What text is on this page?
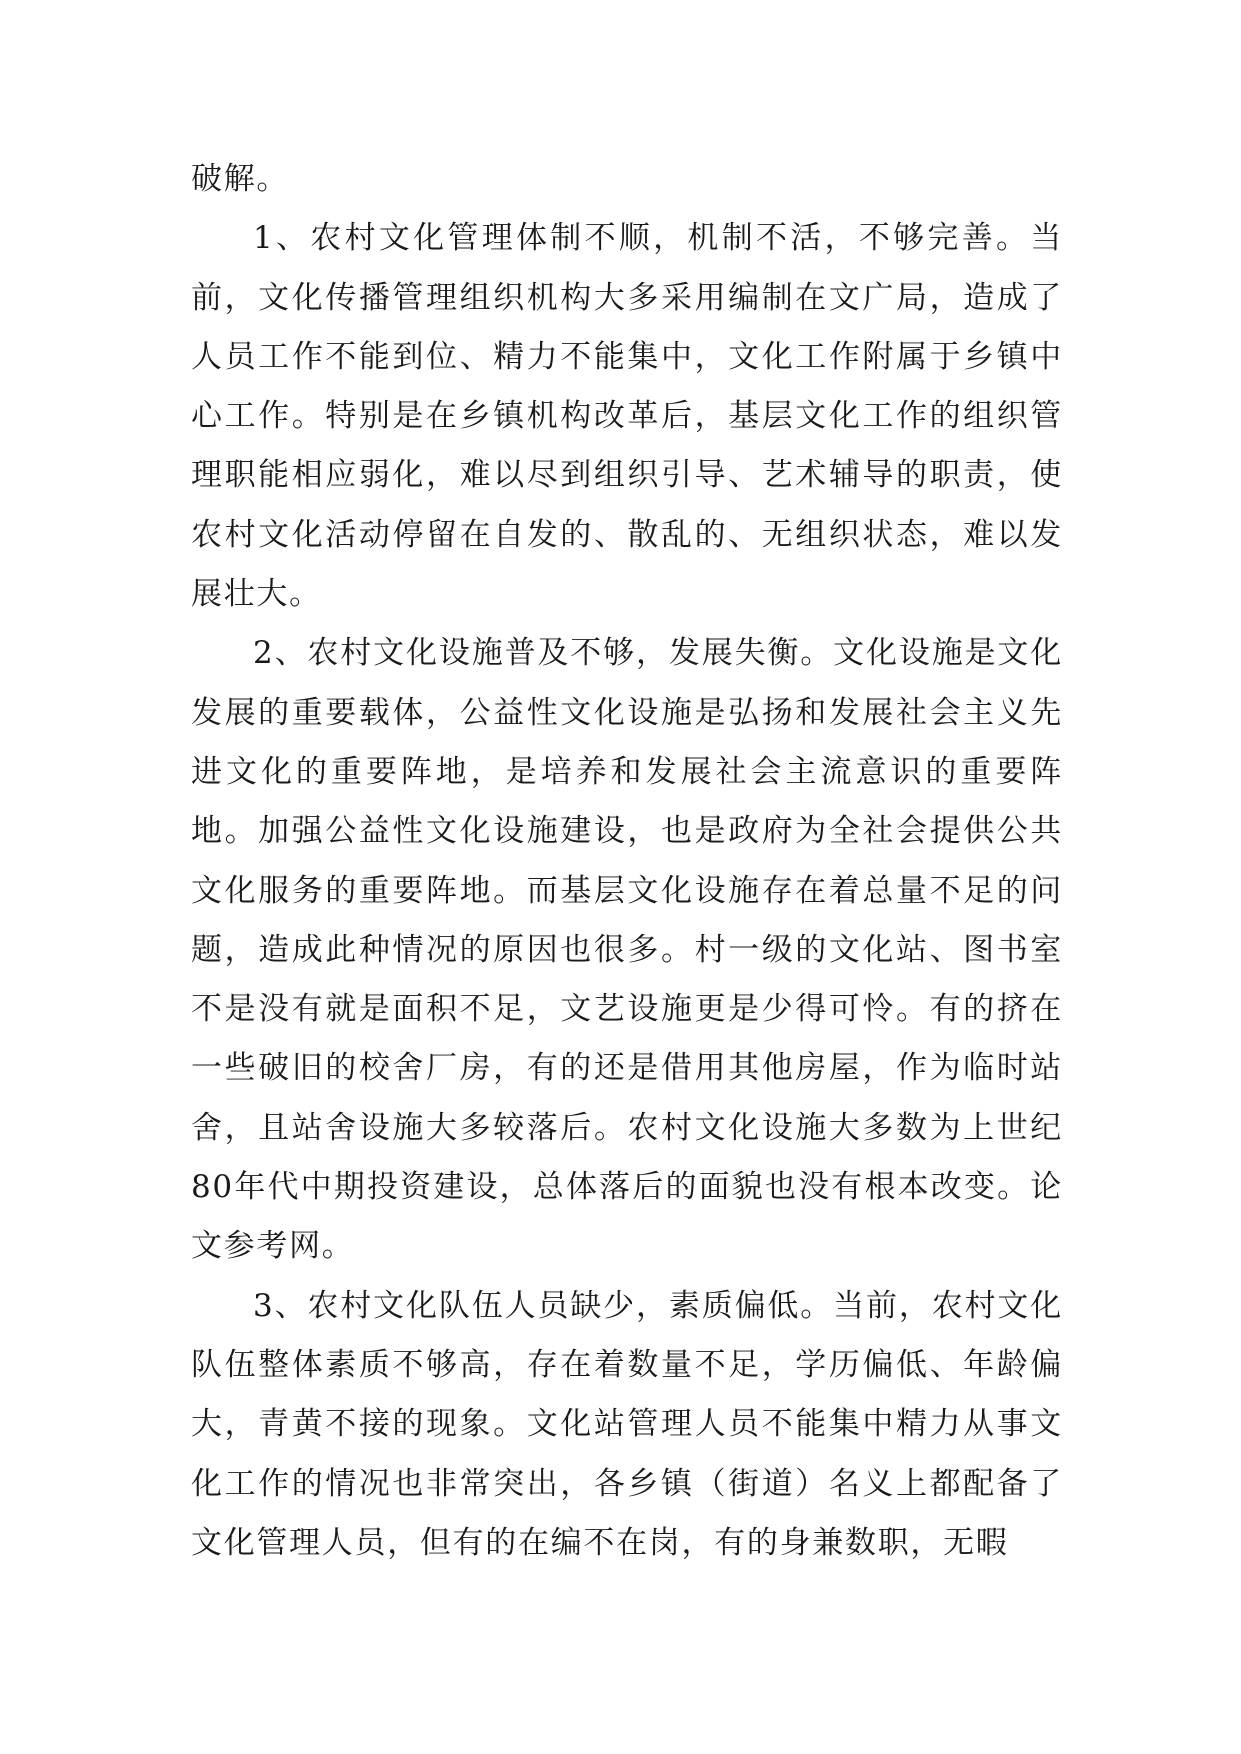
破解。

1、农村文化管理体制不顺，机制不活，不够完善。当前，文化传播管理组织机构大多采用编制在文广局，造成了人员工作不能到位、精力不能集中，文化工作附属于乡镇中心工作。特别是在乡镇机构改革后，基层文化工作的组织管理职能相应弱化，难以尽到组织引导、艺术辅导的职责，使农村文化活动停留在自发的、散乱的、无组织状态，难以发展壮大。

2、农村文化设施普及不够，发展失衡。文化设施是文化发展的重要载体，公益性文化设施是弘扬和发展社会主义先进文化的重要阵地，是培养和发展社会主流意识的重要阵地。加强公益性文化设施建设，也是政府为全社会提供公共文化服务的重要阵地。而基层文化设施存在着总量不足的问题，造成此种情况的原因也很多。村一级的文化站、图书室不是没有就是面积不足，文艺设施更是少得可怜。有的挤在一些破旧的校舍厂房，有的还是借用其他房屋，作为临时站舍，且站舍设施大多较落后。农村文化设施大多数为上世纪80年代中期投资建设，总体落后的面貌也没有根本改变。论文参考网。

3、农村文化队伍人员缺少，素质偏低。当前，农村文化队伍整体素质不够高，存在着数量不足，学历偏低、年龄偏大，青黄不接的现象。文化站管理人员不能集中精力从事文化工作的情况也非常突出，各乡镇（街道）名义上都配备了文化管理人员，但有的在编不在岗，有的身兼数职，无暇
